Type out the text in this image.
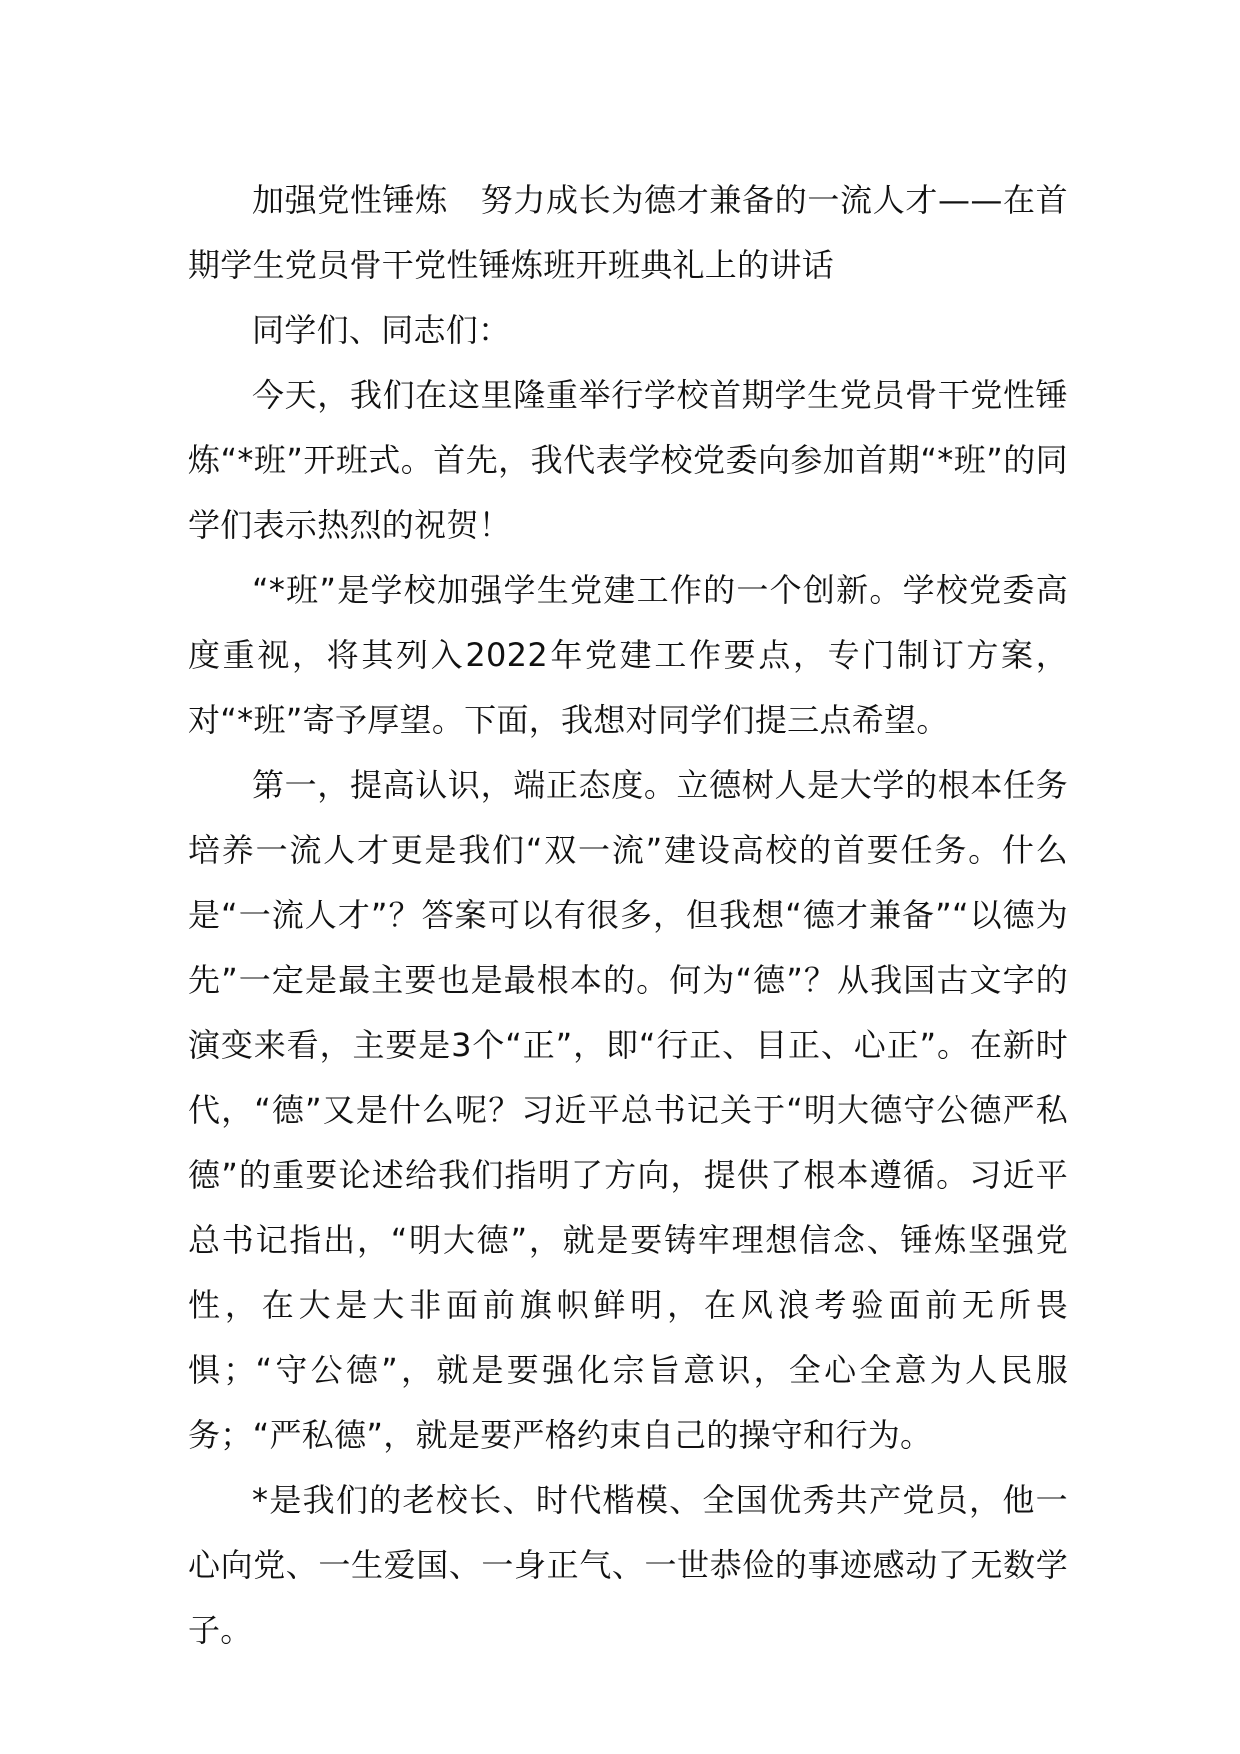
加强党性锤炼　努力成长为德才兼备的一流人才——在首期学生党员骨干党性锤炼班开班典礼上的讲话

同学们、同志们：

今天，我们在这里隆重举行学校首期学生党员骨干党性锤炼“*班”开班式。首先，我代表学校党委向参加首期“*班”的同学们表示热烈的祝贺！

“*班”是学校加强学生党建工作的一个创新。学校党委高度重视，将其列入2022年党建工作要点，专门制订方案，对“*班”寄予厚望。下面，我想对同学们提三点希望。

第一，提高认识，端正态度。立德树人是大学的根本任务培养一流人才更是我们“双一流”建设高校的首要任务。什么是“一流人才”？答案可以有很多，但我想“德才兼备”“以德为先”一定是最主要也是最根本的。何为“德”？从我国古文字的演变来看，主要是3个“正”，即“行正、目正、心正”。在新时代，“德”又是什么呢？习近平总书记关于“明大德守公德严私德”的重要论述给我们指明了方向，提供了根本遵循。习近平总书记指出，“明大德”，就是要铸牢理想信念、锤炼坚强党性，在大是大非面前旗帜鲜明，在风浪考验面前无所畏惧；“守公德”，就是要强化宗旨意识，全心全意为人民服务；“严私德”，就是要严格约束自己的操守和行为。

*是我们的老校长、时代楷模、全国优秀共产党员，他一心向党、一生爱国、一身正气、一世恭俭的事迹感动了无数学子。
